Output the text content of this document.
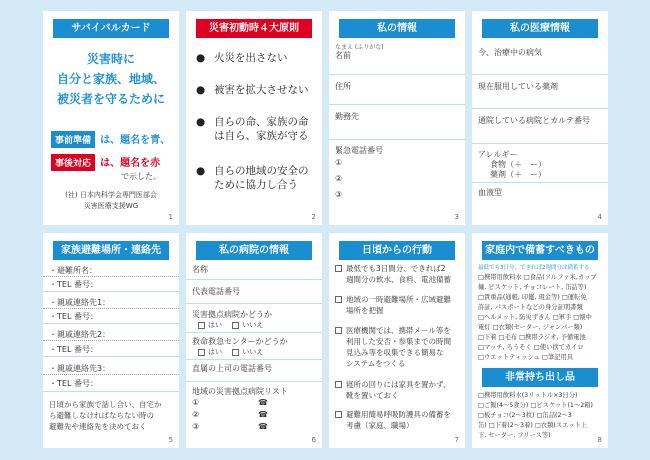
サバイバルカード
災害時に
自分と家族、地域、
被災者を守るために
事前準備 は、題名を青、
事後対応 は、題名を赤
で示した。
(社) 日本内科学会専門医部会
災害医療支援WG
1
災害初動時４大原則
● 火災を出さない
● 被害を拡大させない
● 自らの命、家族の命
は自ら、家族が守る
● 自らの地域の安全の
ために協力し合う
2
私の情報
なまえ (ふりがな)
名前
住所
勤務先
緊急電話番号
①
②
③
3
私の医療情報
今、治療中の病気
現在服用している薬剤
通院している病院とカルテ番号
アレルギー
食物（＋　ー）
薬剤（＋　ー）
血液型
4
家族避難場所・連絡先
・避難所名：
・TEL 番号：
・親戚連絡先1：
・TEL 番号：
・親戚連絡先2：
・TEL 番号：
・親戚連絡先3：
・TEL 番号：
日頃から家族で話し合い、自宅か
ら避難しなければならない時の
避難先や連絡先を決めておく
5
私の病院の情報
名称
代表電話番号
災害拠点病院かどうか
はい	いいえ
救命救急センターかどうか
はい	いいえ
直属の上司の電話番号
地域の災害拠点病院リスト
①	☎
②	☎
③	☎
6
日頃からの行動
最低でも3日間分、できれば2
週間分の飲水、食料、電池備蓄
地域の一時避難場所・広域避難
場所を把握
医療機関では、携帯メール等を
利用した安否・参集までの時間
見込み等を収集できる簡易な
システムをつくる
寝所の回りには家具を置かず、
靴を置いておく
避難用簡易呼吸防護具の備蓄を
考慮（家庭、職場）
7
家庭内で備蓄すべきもの
最低でも3日分、できれば2週間分は備蓄する
□携帯用飲料水 □食品(アルファ米,カップ
麺, ビスケット, チョコレート, 缶詰等)
□貴重品(通帳, 印鑑, 現金等) □運転免
許証, パスポートなどの身分証明書類
□ヘルメット, 防災ずきん □軍手 □懐中
電灯 □衣類(セーター, ジャンパー類)
□下着 □毛布 □携帯ラジオ, 予備電池
□マッチ, ろうそく □使い捨てカイロ
□ウエットティッシュ □筆記用具
非常持ち出し品
□携帯用飲料水(3リットル×3日分)
□ご飯(4〜5食分) □ビスケット(1〜2箱)
□板チョコ(2〜3枚) □缶詰(2〜3
缶) □下着(2〜3着) □衣類(スエット上
下, セーター, フリース等)
8
